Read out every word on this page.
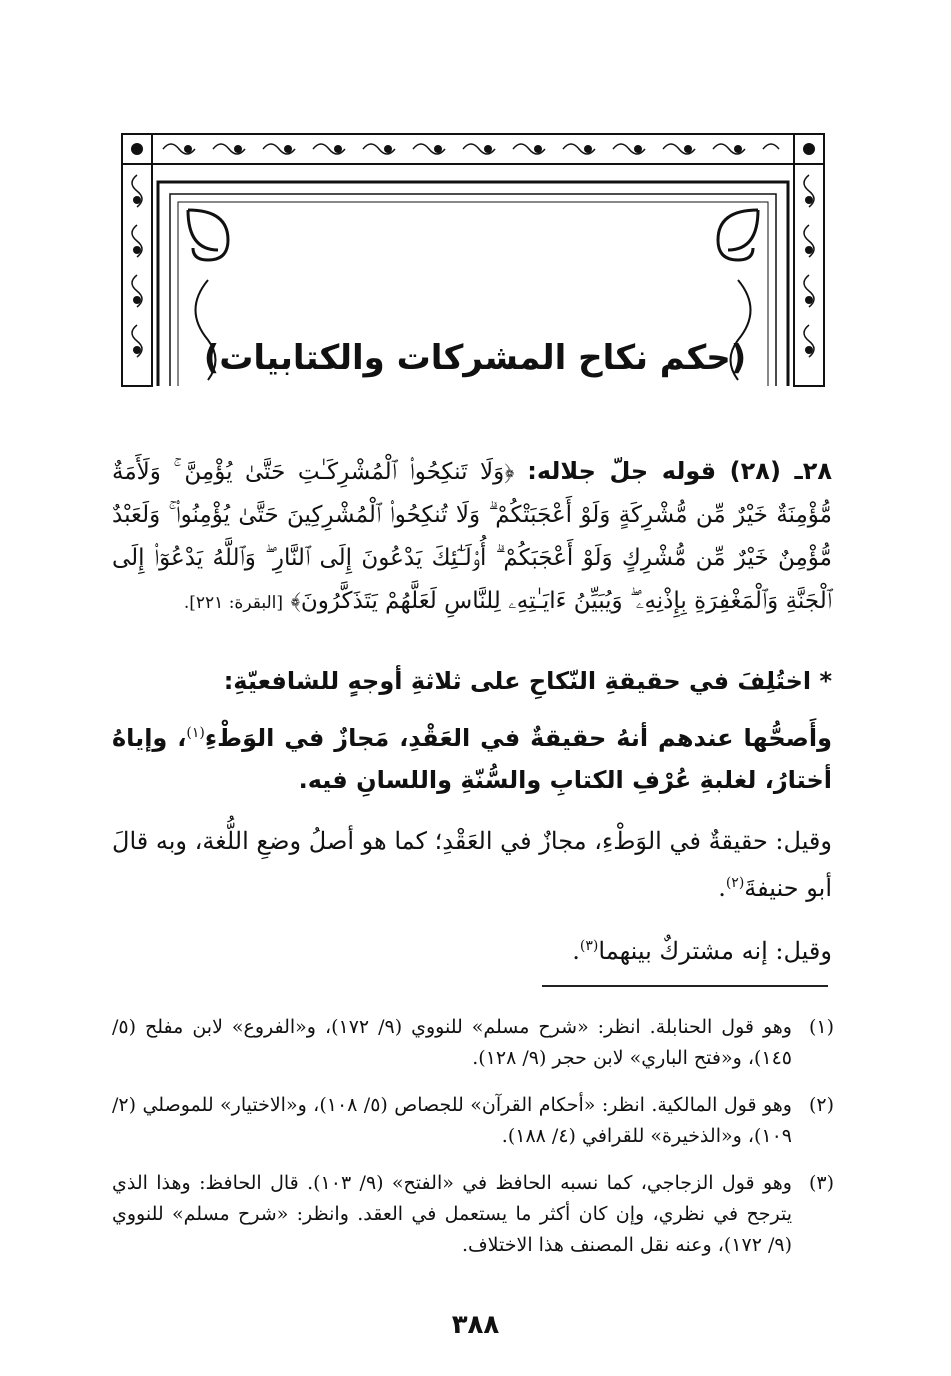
(حكم نكاح المشركات والكتابيات)
٢٨ـ (٢٨) قوله جلّ جلاله: ﴿وَلَا تَنكِحُوا۟ ٱلْمُشْرِكَـٰتِ حَتَّىٰ يُؤْمِنَّ ۚ وَلَأَمَةٌ مُّؤْمِنَةٌ خَيْرٌ مِّن مُّشْرِكَةٍ وَلَوْ أَعْجَبَتْكُمْ ۗ وَلَا تُنكِحُوا۟ ٱلْمُشْرِكِينَ حَتَّىٰ يُؤْمِنُوا۟ ۚ وَلَعَبْدٌ مُّؤْمِنٌ خَيْرٌ مِّن مُّشْرِكٍ وَلَوْ أَعْجَبَكُمْ ۗ أُو۟لَـٰٓئِكَ يَدْعُونَ إِلَى ٱلنَّارِ ۖ وَٱللَّهُ يَدْعُوٓا۟ إِلَى ٱلْجَنَّةِ وَٱلْمَغْفِرَةِ بِإِذْنِهِۦ ۖ وَيُبَيِّنُ ءَايَـٰتِهِۦ لِلنَّاسِ لَعَلَّهُمْ يَتَذَكَّرُونَ﴾ [البقرة: ٢٢١].
* اختُلِفَ في حقيقةِ النّكاحِ على ثلاثةِ أوجهٍ للشافعيّةِ:
وأَصحُّها عندهم أنهُ حقيقةٌ في العَقْدِ، مَجازٌ في الوَطْءِ$^{(١)}$، وإياهُ أختارُ، لغلبةِ عُرْفِ الكتابِ والسُّنّةِ واللسانِ فيه.
وقيل: حقيقةٌ في الوَطْءِ، مجازٌ في العَقْدِ؛ كما هو أصلُ وضعِ اللُّغة، وبه قالَ أبو حنيفةَ$^{(٢)}$.
وقيل: إنه مشتركٌ بينهما$^{(٣)}$.
(١)
وهو قول الحنابلة. انظر: «شرح مسلم» للنووي (٩/ ١٧٢)، و«الفروع» لابن مفلح (٥/ ١٤٥)، و«فتح الباري» لابن حجر (٩/ ١٢٨).
(٢)
وهو قول المالكية. انظر: «أحكام القرآن» للجصاص (٥/ ١٠٨)، و«الاختيار» للموصلي (٢/ ١٠٩)، و«الذخيرة» للقرافي (٤/ ١٨٨).
(٣)
وهو قول الزجاجي، كما نسبه الحافظ في «الفتح» (٩/ ١٠٣). قال الحافظ: وهذا الذي يترجح في نظري، وإن كان أكثر ما يستعمل في العقد. وانظر: «شرح مسلم» للنووي (٩/ ١٧٢)، وعنه نقل المصنف هذا الاختلاف.
٣٨٨
